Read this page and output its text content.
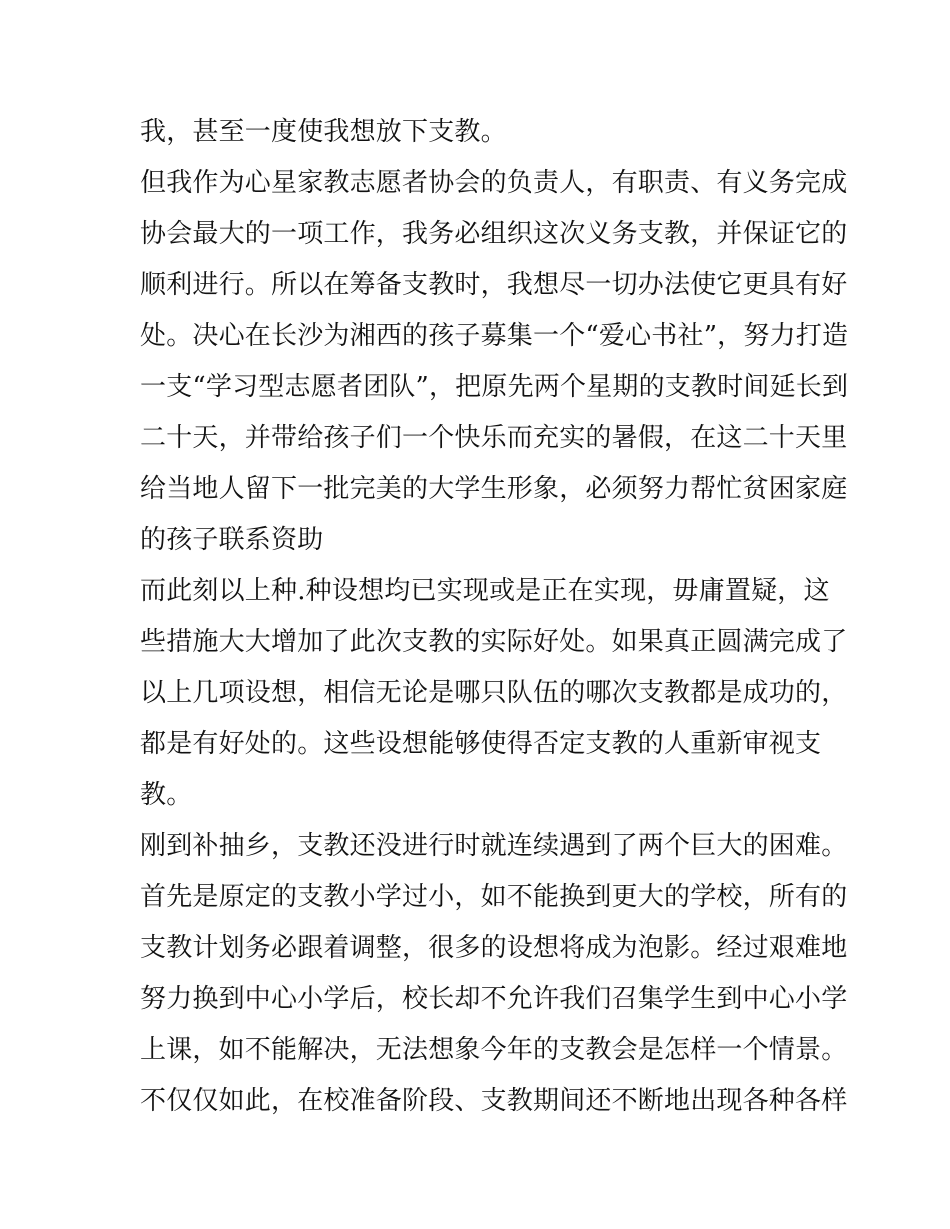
我，甚至一度使我想放下支教。
但我作为心星家教志愿者协会的负责人，有职责、有义务完成
协会最大的一项工作，我务必组织这次义务支教，并保证它的
顺利进行。所以在筹备支教时，我想尽一切办法使它更具有好
处。决心在长沙为湘西的孩子募集一个“爱心书社”，努力打造
一支“学习型志愿者团队”，把原先两个星期的支教时间延长到
二十天，并带给孩子们一个快乐而充实的暑假，在这二十天里
给当地人留下一批完美的大学生形象，必须努力帮忙贫困家庭
的孩子联系资助
而此刻以上种.种设想均已实现或是正在实现，毋庸置疑，这
些措施大大增加了此次支教的实际好处。如果真正圆满完成了
以上几项设想，相信无论是哪只队伍的哪次支教都是成功的，
都是有好处的。这些设想能够使得否定支教的人重新审视支
教。
刚到补抽乡，支教还没进行时就连续遇到了两个巨大的困难。
首先是原定的支教小学过小，如不能换到更大的学校，所有的
支教计划务必跟着调整，很多的设想将成为泡影。经过艰难地
努力换到中心小学后，校长却不允许我们召集学生到中心小学
上课，如不能解决，无法想象今年的支教会是怎样一个情景。
不仅仅如此，在校准备阶段、支教期间还不断地出现各种各样
